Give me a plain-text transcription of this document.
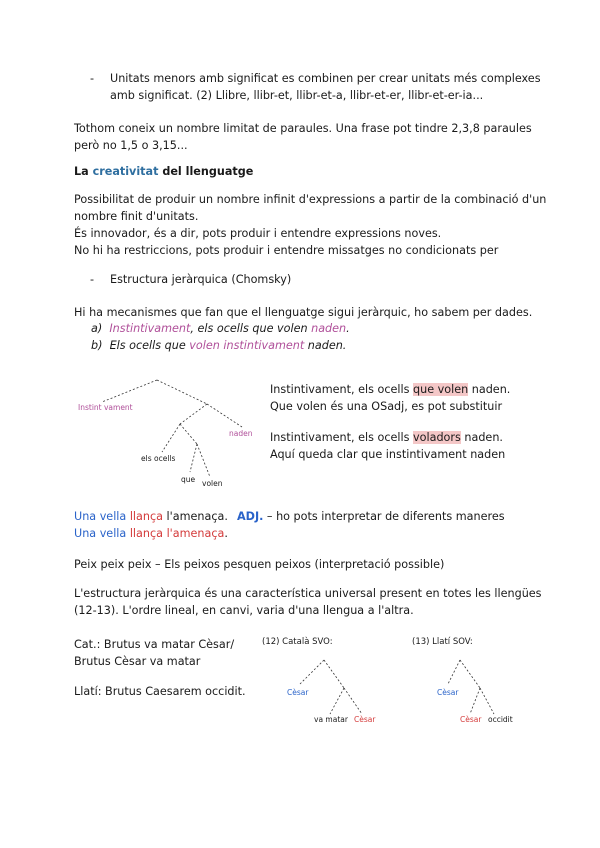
- Unitats menors amb significat es combinen per crear unitats més complexes
amb significat. (2) Llibre, llibr-et, llibr-et-a, llibr-et-er, llibr-et-er-ia...
Tothom coneix un nombre limitat de paraules. Una frase pot tindre 2,3,8 paraules
però no 1,5 o 3,15...
La creativitat del llenguatge
Possibilitat de produir un nombre infinit d'expressions a partir de la combinació d'un
nombre finit d'unitats.
És innovador, és a dir, pots produir i entendre expressions noves.
No hi ha restriccions, pots produir i entendre missatges no condicionats per
- Estructura jeràrquica (Chomsky)
Hi ha mecanismes que fan que el llenguatge sigui jeràrquic, ho sabem per dades.
a) Instintivament, els ocells que volen naden.
b) Els ocells que volen instintivament naden.
Instint vament
naden
els ocells
que volen
Instintivament, els ocells que volen naden.
Que volen és una OSadj, es pot substituir
Instintivament, els ocells voladors naden.
Aquí queda clar que instintivament naden
Una vella llança l'amenaça. ADJ. – ho pots interpretar de diferents maneres
Una vella llança l'amenaça.
Peix peix peix – Els peixos pesquen peixos (interpretació possible)
L'estructura jeràrquica és una característica universal present en totes les llengües
(12-13). L'ordre lineal, en canvi, varia d'una llengua a l'altra.
Cat.: Brutus va matar Cèsar/
Brutus Cèsar va matar
Llatí: Brutus Caesarem occidit.
(12) Català SVO:
Cèsar
va matar Cèsar
(13) Llatí SOV:
Cèsar
Cèsar occidit
